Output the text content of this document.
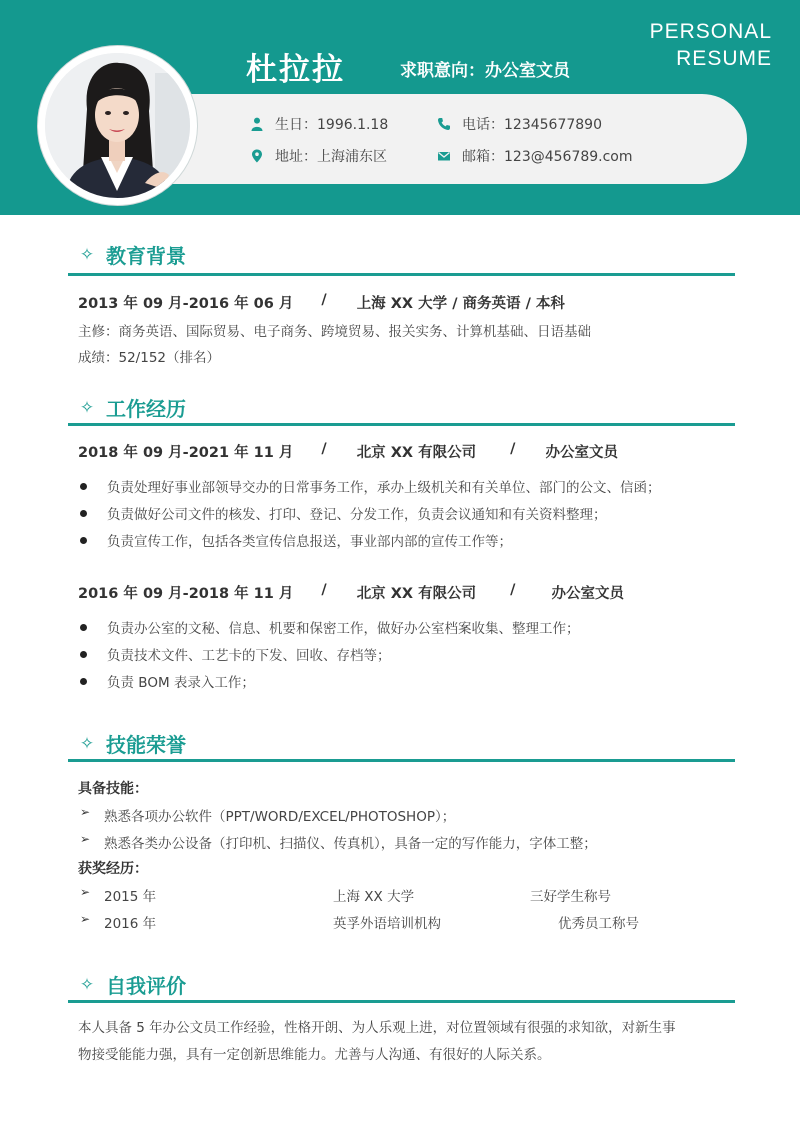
PERSONAL
RESUME
杜拉拉	求职意向：办公室文员
生日：1996.1.18	电话：12345677890
地址：上海浦东区	邮箱：123@456789.com
✧ 教育背景
2013 年 09 月-2016 年 06 月 / 上海 XX 大学 / 商务英语 / 本科
主修：商务英语、国际贸易、电子商务、跨境贸易、报关实务、计算机基础、日语基础
成绩：52/152（排名）
✧ 工作经历
2018 年 09 月-2021 年 11 月 / 北京 XX 有限公司 / 办公室文员
负责处理好事业部领导交办的日常事务工作，承办上级机关和有关单位、部门的公文、信函；
负责做好公司文件的核发、打印、登记、分发工作，负责会议通知和有关资料整理；
负责宣传工作，包括各类宣传信息报送，事业部内部的宣传工作等；
2016 年 09 月-2018 年 11 月 / 北京 XX 有限公司 / 办公室文员
负责办公室的文秘、信息、机要和保密工作，做好办公室档案收集、整理工作；
负责技术文件、工艺卡的下发、回收、存档等；
负责 BOM 表录入工作；
✧ 技能荣誉
具备技能：
➢	熟悉各项办公软件（PPT/WORD/EXCEL/PHOTOSHOP）；
➢	熟悉各类办公设备（打印机、扫描仪、传真机），具备一定的写作能力，字体工整；
获奖经历：
➢	2015 年	上海 XX 大学	三好学生称号
➢	2016 年	英孚外语培训机构	优秀员工称号
✧ 自我评价
本人具备 5 年办公文员工作经验，性格开朗、为人乐观上进，对位置领域有很强的求知欲，对新生事
物接受能能力强，具有一定创新思维能力。尤善与人沟通、有很好的人际关系。
